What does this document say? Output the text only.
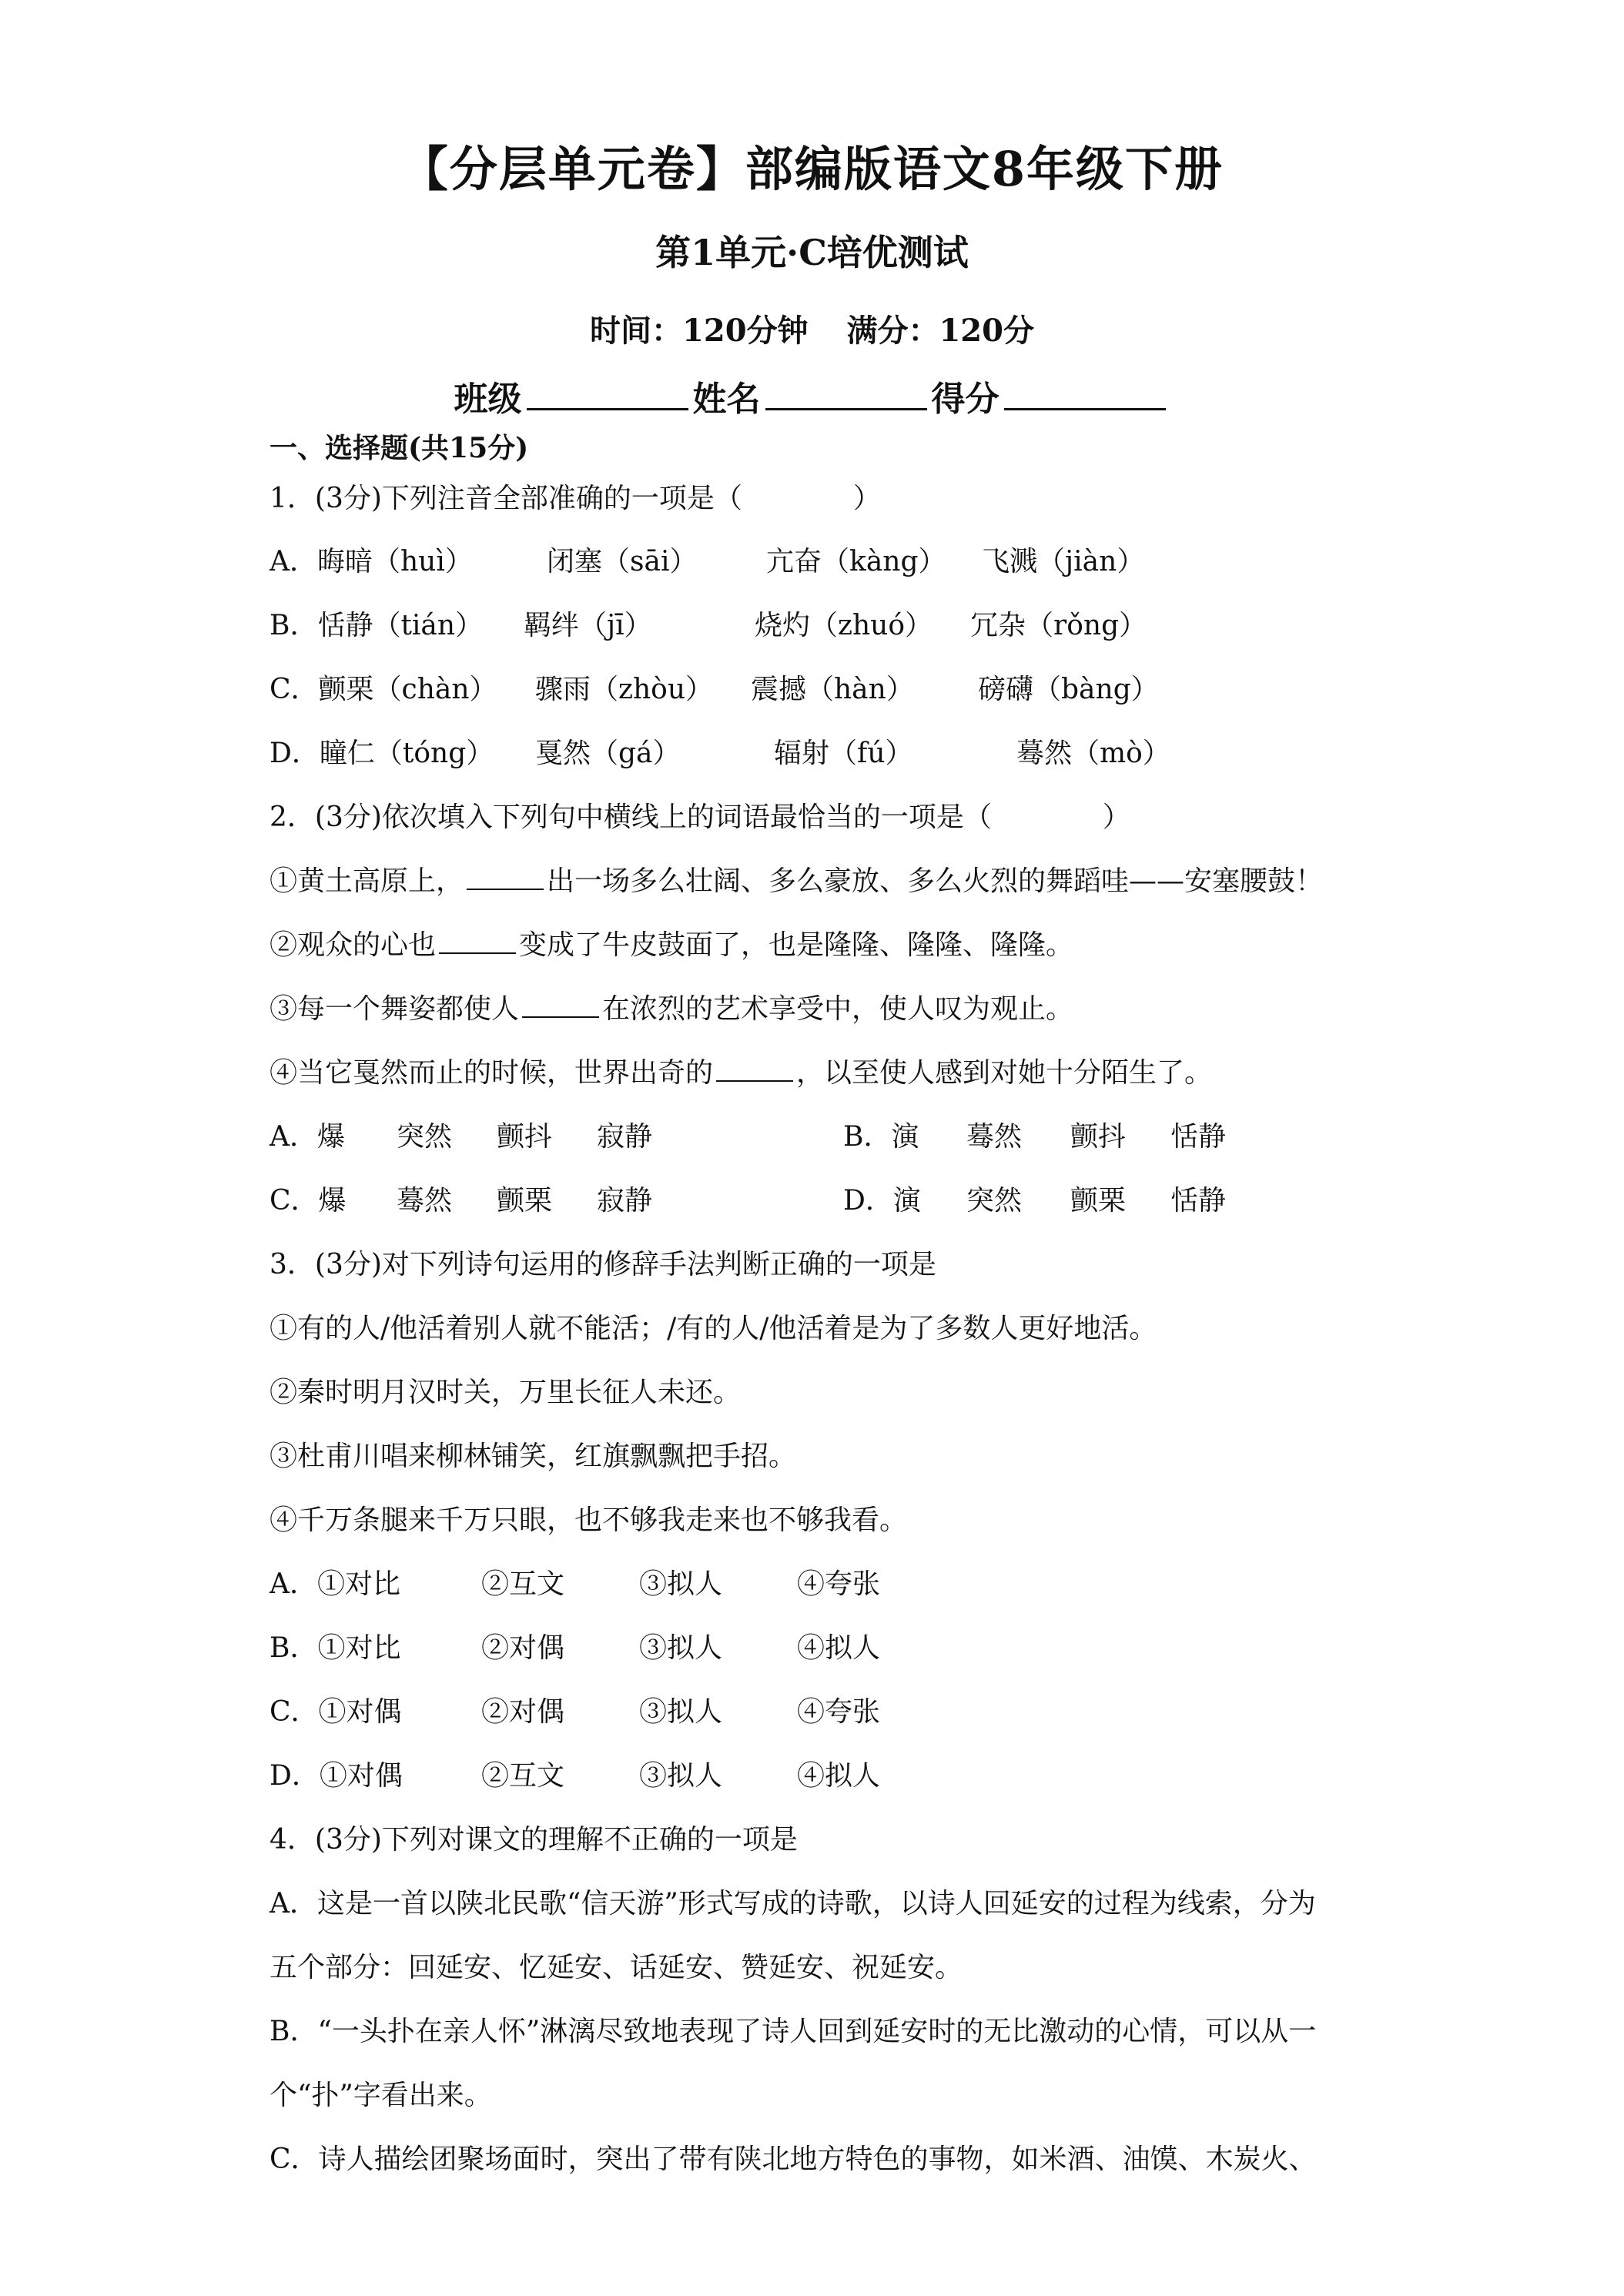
【分层单元卷】部编版语文8年级下册
第1单元·C培优测试
时间：120分钟 满分：120分
班级	姓名	得分
一、选择题(共15分)
1．(3分)下列注音全部准确的一项是（　　　　）
A．晦暗（huì）	闭塞（sāi） 亢奋（kàng） 飞溅（jiàn）
B．恬静（tián） 羁绊（jī）	烧灼（zhuó） 冗杂（rǒng）
C．颤栗（chàn） 骤雨（zhòu） 震撼（hàn） 磅礴（bàng）
D．瞳仁（tóng） 戛然（gá）	辐射（fú）	蓦然（mò）
2．(3分)依次填入下列句中横线上的词语最恰当的一项是（　　　　）
①黄土高原上，	出一场多么壮阔、多么豪放、多么火烈的舞蹈哇——安塞腰鼓！
②观众的心也	变成了牛皮鼓面了，也是隆隆、隆隆、隆隆。
③每一个舞姿都使人	在浓烈的艺术享受中，使人叹为观止。
④当它戛然而止的时候，世界出奇的	，以至使人感到对她十分陌生了。
A．爆 突然 颤抖 寂静	B．演 蓦然 颤抖 恬静
C．爆 蓦然 颤栗 寂静	D．演 突然 颤栗 恬静
3．(3分)对下列诗句运用的修辞手法判断正确的一项是
①有的人/他活着别人就不能活；/有的人/他活着是为了多数人更好地活。
②秦时明月汉时关，万里长征人未还。
③杜甫川唱来柳林铺笑，红旗飘飘把手招。
④千万条腿来千万只眼，也不够我走来也不够我看。
A．①对比	②互文	③拟人	④夸张
B．①对比	②对偶	③拟人	④拟人
C．①对偶	②对偶	③拟人	④夸张
D．①对偶	②互文	③拟人	④拟人
4．(3分)下列对课文的理解不正确的一项是
A．这是一首以陕北民歌“信天游”形式写成的诗歌，以诗人回延安的过程为线索，分为
五个部分：回延安、忆延安、话延安、赞延安、祝延安。
B．“一头扑在亲人怀”淋漓尽致地表现了诗人回到延安时的无比激动的心情，可以从一
个“扑”字看出来。
C．诗人描绘团聚场面时，突出了带有陕北地方特色的事物，如米酒、油馍、木炭火、
